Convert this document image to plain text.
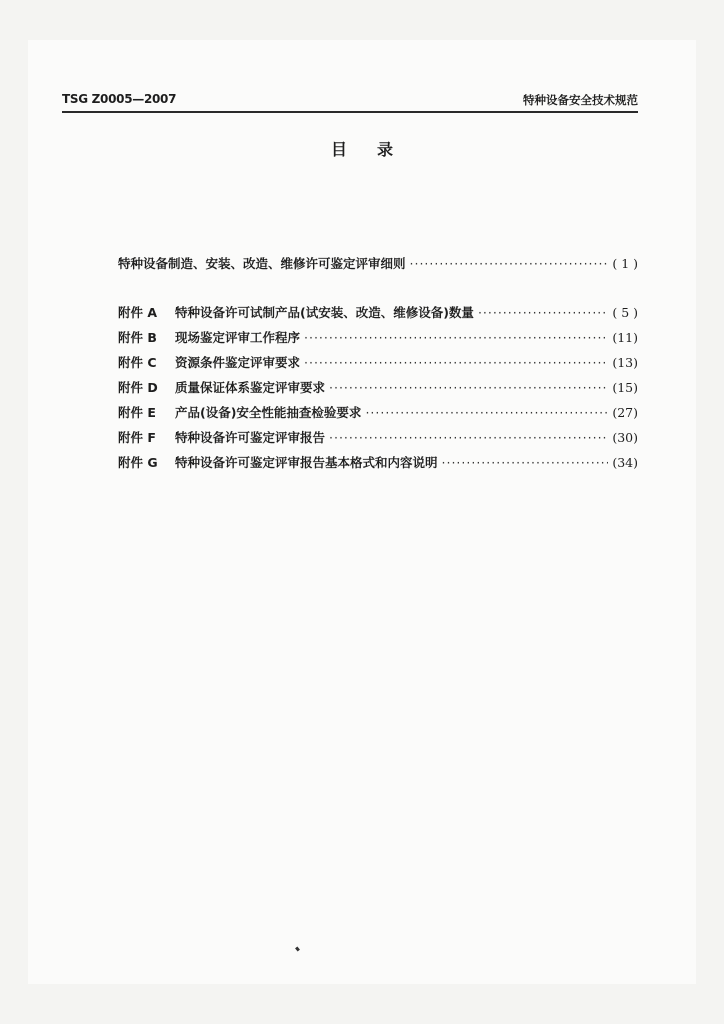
TSG Z0005—2007	特种设备安全技术规范
目录
特种设备制造、安装、改造、维修许可鉴定评审细则 ·····	( 1 )
附件 A	特种设备许可试制产品(试安装、改造、维修设备)数量 ·····	( 5 )
附件 B	现场鉴定评审工作程序 ·····	(11)
附件 C	资源条件鉴定评审要求 ·····	(13)
附件 D	质量保证体系鉴定评审要求 ·····	(15)
附件 E	产品(设备)安全性能抽查检验要求 ·····	(27)
附件 F	特种设备许可鉴定评审报告 ·····	(30)
附件 G	特种设备许可鉴定评审报告基本格式和内容说明 ·····	(34)
